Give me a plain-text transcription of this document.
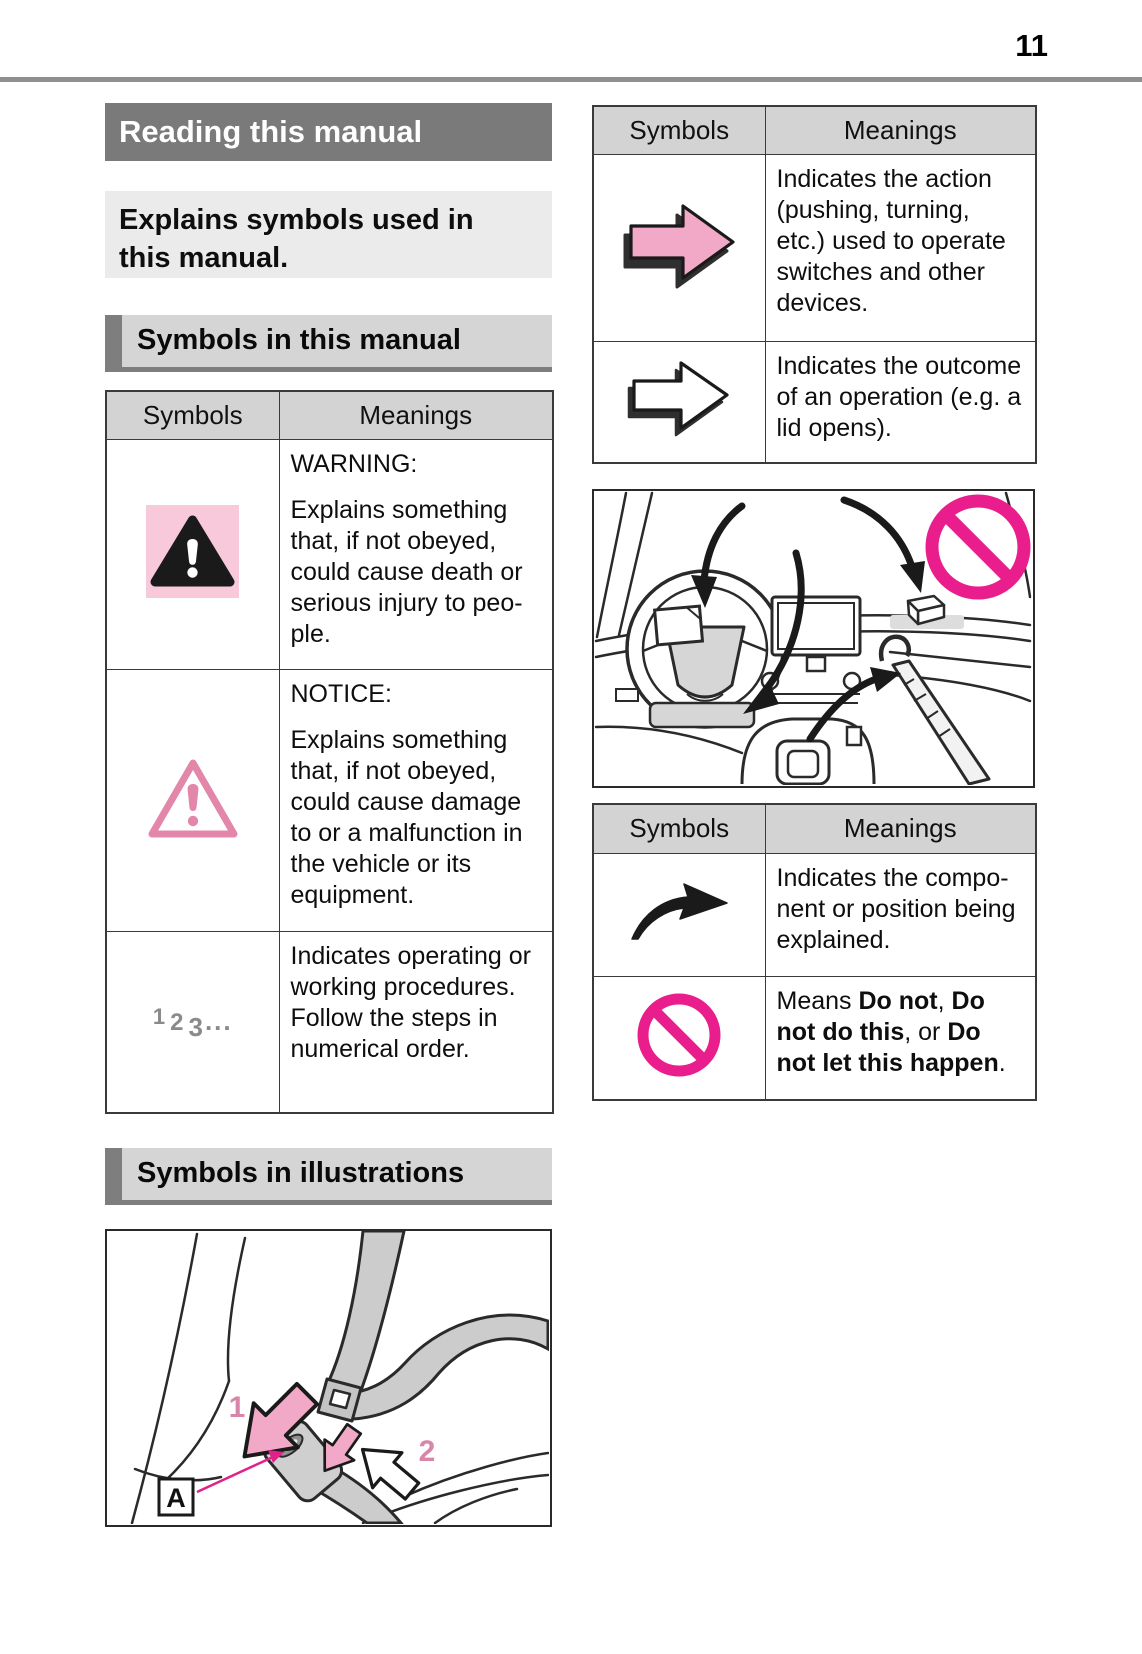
11
Reading this manual

Explains symbols used in this manual.

Symbols in this manual
Symbols	Meanings

WARNING:

Explains something that, if not obeyed, could cause death or serious injury to people.

NOTICE:

Explains something that, if not obeyed, could cause damage to or a malfunction in the vehicle or its equipment.

1 2 3...	Indicates operating or working procedures. Follow the steps in numerical order.

Symbols in illustrations
A
1
2
Symbols	Meanings

Indicates the action (pushing, turning, etc.) used to operate switches and other devices.

Indicates the outcome of an operation (e.g. a lid opens).

Symbols	Meanings

Indicates the component or position being explained.

Means Do not, Do not do this, or Do not let this happen.
